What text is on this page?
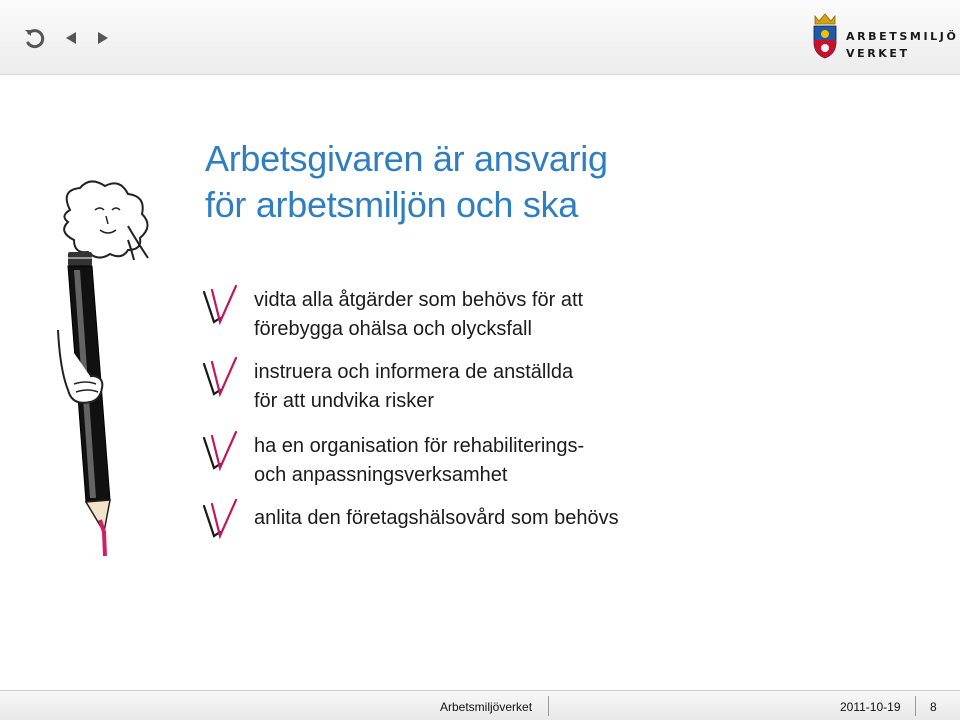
ARBETSMILJÖ
VERKET
Arbetsgivaren är ansvarig
för arbetsmiljön och ska
vidta alla åtgärder som behövs för att
förebygga ohälsa och olycksfall
instruera och informera de anställda
för att undvika risker
ha en organisation för rehabiliterings-
och anpassningsverksamhet
anlita den företagshälsovård som behövs
Arbetsmiljöverket	2011-10-19 8
